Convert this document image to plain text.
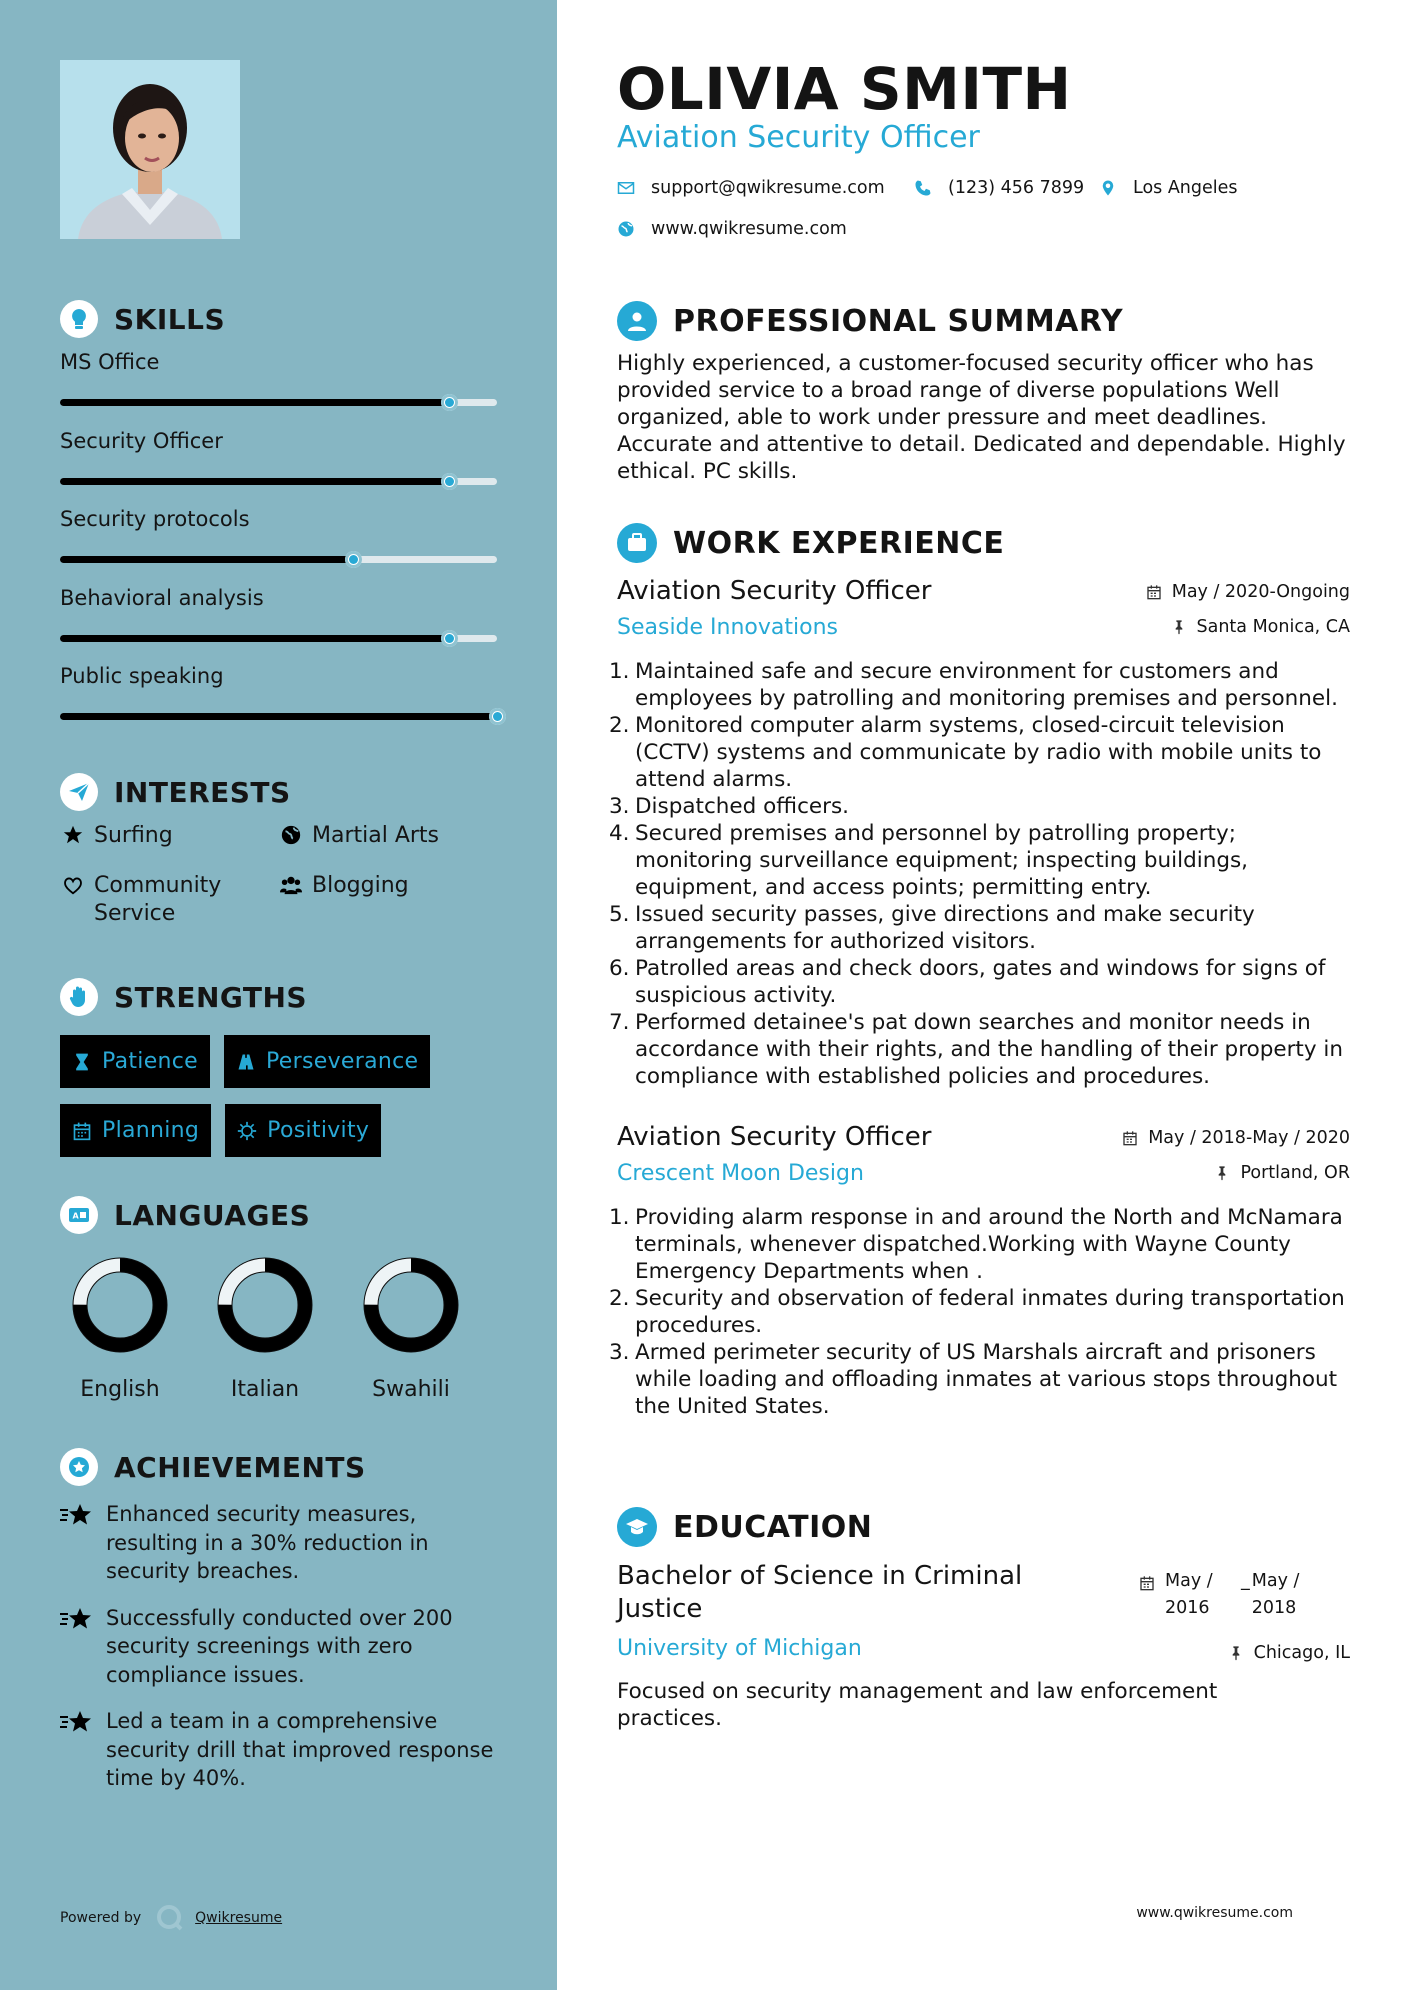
SKILLS
MS Office
Security Officer
Security protocols
Behavioral analysis
Public speaking
INTERESTS
Surfing	Martial Arts
Community Service
Blogging
STRENGTHS
Patience	Perseverance
Planning	Positivity
A LANGUAGES
English	Italian	Swahili
ACHIEVEMENTS
Enhanced security measures, resulting in a 30% reduction in security breaches.
Successfully conducted over 200 security screenings with zero compliance issues.
Led a team in a comprehensive security drill that improved response time by 40%.
Powered by	Qwikresume
OLIVIA SMITH
Aviation Security Officer
support@qwikresume.com	(123) 456 7899	Los Angeles
www.qwikresume.com
PROFESSIONAL SUMMARY

Highly experienced, a customer-focused security officer who has provided service to a broad range of diverse populations Well organized, able to work under pressure and meet deadlines. Accurate and attentive to detail. Dedicated and dependable. Highly ethical. PC skills.

WORK EXPERIENCE
Aviation Security Officer
Seaside Innovations
May / 2020-Ongoing
Santa Monica, CA
1. Maintained safe and secure environment for customers and employees by patrolling and monitoring premises and personnel.
2. Monitored computer alarm systems, closed-circuit television (CCTV) systems and communicate by radio with mobile units to attend alarms.
3. Dispatched officers.
4. Secured premises and personnel by patrolling property; monitoring surveillance equipment; inspecting buildings, equipment, and access points; permitting entry.
5. Issued security passes, give directions and make security arrangements for authorized visitors.
6. Patrolled areas and check doors, gates and windows for signs of suspicious activity.
7. Performed detainee's pat down searches and monitor needs in accordance with their rights, and the handling of their property in compliance with established policies and procedures.
Aviation Security Officer
Crescent Moon Design
May / 2018-May / 2020
Portland, OR
1. Providing alarm response in and around the North and McNamara terminals, whenever dispatched.Working with Wayne County Emergency Departments when .
2. Security and observation of federal inmates during transportation procedures.
3. Armed perimeter security of US Marshals aircraft and prisoners while loading and offloading inmates at various stops throughout the United States.
EDUCATION
Bachelor of Science in Criminal Justice
University of Michigan
May / 2016
_ May / 2018
Chicago, IL

Focused on security management and law enforcement practices.

www.qwikresume.com
